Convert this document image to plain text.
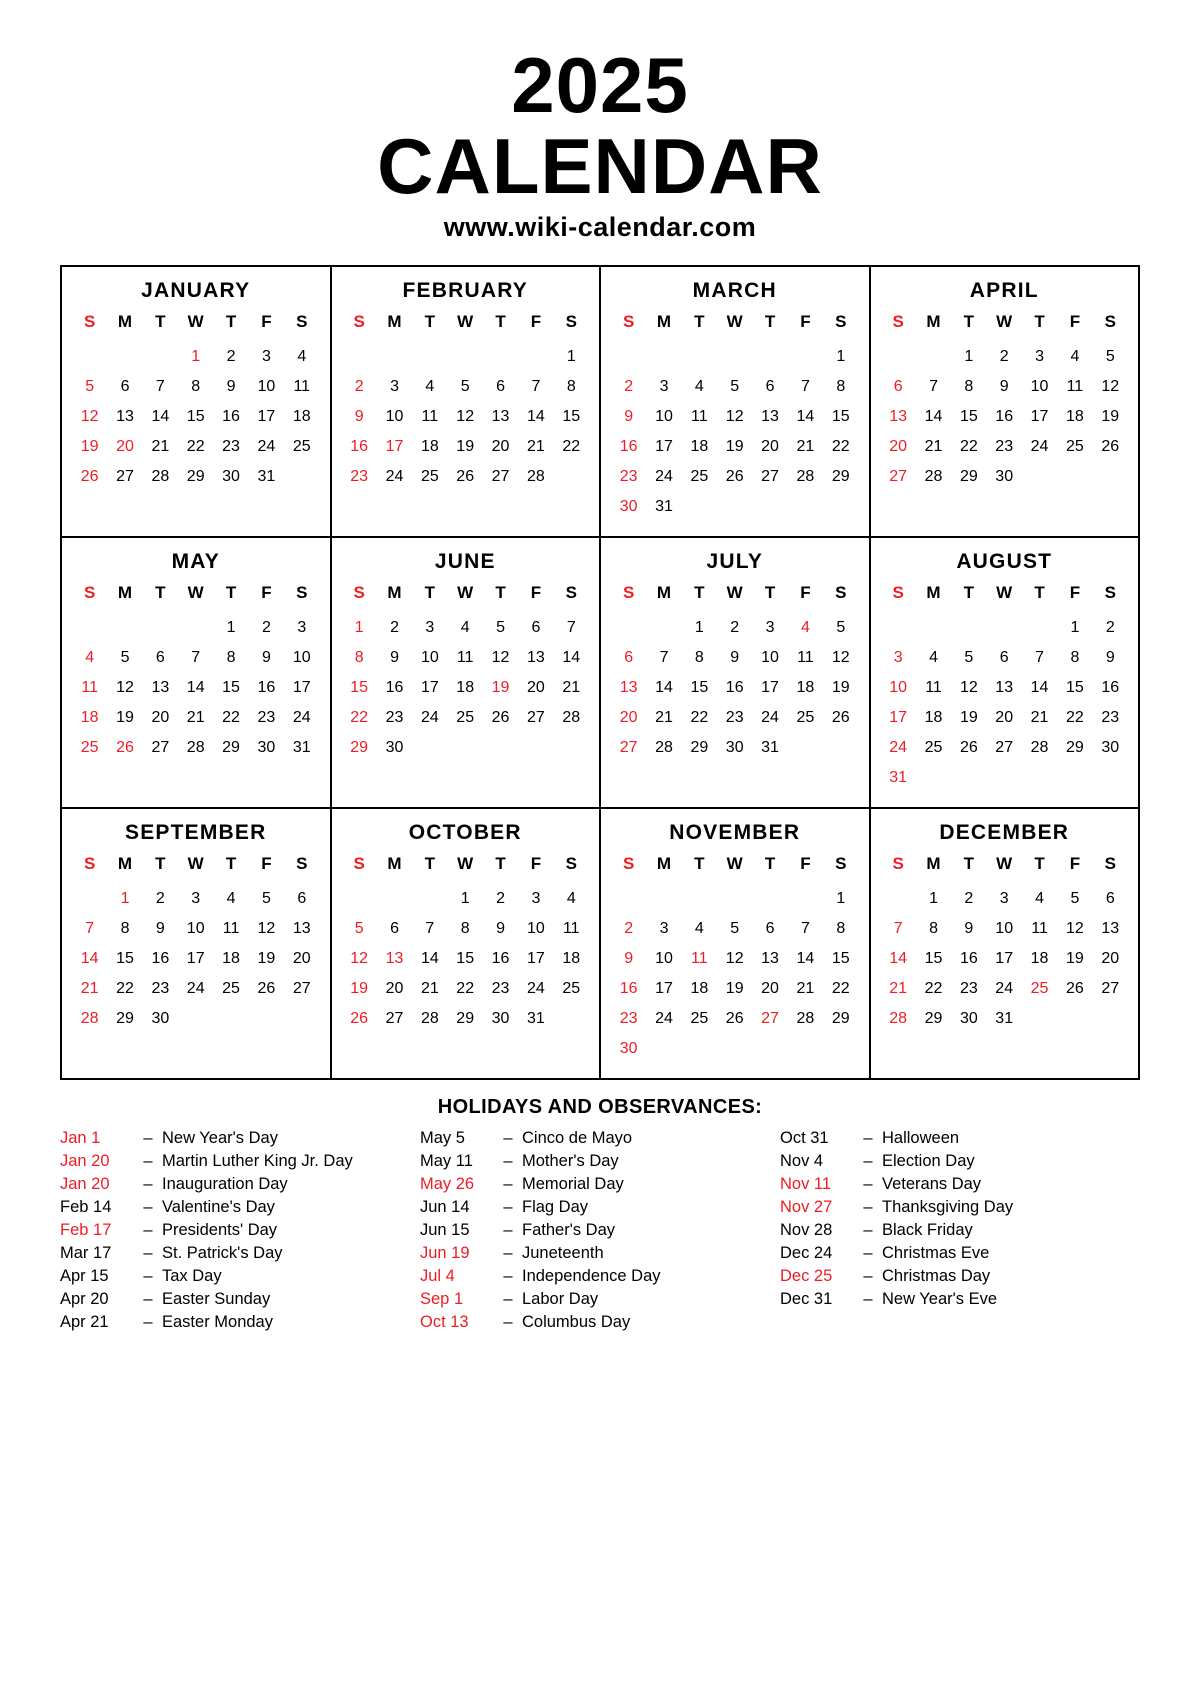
2025
CALENDAR
www.wiki-calendar.com
JANUARY
S	M	T	W	T	F	S
			1	2	3	4
5	6	7	8	9	10	11
12	13	14	15	16	17	18
19	20	21	22	23	24	25
26	27	28	29	30	31	
FEBRUARY
S	M	T	W	T	F	S
						1
2	3	4	5	6	7	8
9	10	11	12	13	14	15
16	17	18	19	20	21	22
23	24	25	26	27	28	
MARCH
S	M	T	W	T	F	S
						1
2	3	4	5	6	7	8
9	10	11	12	13	14	15
16	17	18	19	20	21	22
23	24	25	26	27	28	29
30	31					
APRIL
S	M	T	W	T	F	S
		1	2	3	4	5
6	7	8	9	10	11	12
13	14	15	16	17	18	19
20	21	22	23	24	25	26
27	28	29	30			
MAY
S	M	T	W	T	F	S
				1	2	3
4	5	6	7	8	9	10
11	12	13	14	15	16	17
18	19	20	21	22	23	24
25	26	27	28	29	30	31
JUNE
S	M	T	W	T	F	S
1	2	3	4	5	6	7
8	9	10	11	12	13	14
15	16	17	18	19	20	21
22	23	24	25	26	27	28
29	30					
JULY
S	M	T	W	T	F	S
		1	2	3	4	5
6	7	8	9	10	11	12
13	14	15	16	17	18	19
20	21	22	23	24	25	26
27	28	29	30	31		
AUGUST
S	M	T	W	T	F	S
					1	2
3	4	5	6	7	8	9
10	11	12	13	14	15	16
17	18	19	20	21	22	23
24	25	26	27	28	29	30
31						
SEPTEMBER
S	M	T	W	T	F	S
	1	2	3	4	5	6
7	8	9	10	11	12	13
14	15	16	17	18	19	20
21	22	23	24	25	26	27
28	29	30				
OCTOBER
S	M	T	W	T	F	S
			1	2	3	4
5	6	7	8	9	10	11
12	13	14	15	16	17	18
19	20	21	22	23	24	25
26	27	28	29	30	31	
NOVEMBER
S	M	T	W	T	F	S
						1
2	3	4	5	6	7	8
9	10	11	12	13	14	15
16	17	18	19	20	21	22
23	24	25	26	27	28	29
30						
DECEMBER
S	M	T	W	T	F	S
	1	2	3	4	5	6
7	8	9	10	11	12	13
14	15	16	17	18	19	20
21	22	23	24	25	26	27
28	29	30	31			
HOLIDAYS AND OBSERVANCES:
Jan 1	– New Year's Day
Jan 20	– Martin Luther King Jr. Day
Jan 20	– Inauguration Day
Feb 14	– Valentine's Day
Feb 17	– Presidents' Day
Mar 17	– St. Patrick's Day
Apr 15	– Tax Day
Apr 20	– Easter Sunday
Apr 21	– Easter Monday
May 5	– Cinco de Mayo
May 11	– Mother's Day
May 26	– Memorial Day
Jun 14	– Flag Day
Jun 15	– Father's Day
Jun 19	– Juneteenth
Jul 4	– Independence Day
Sep 1	– Labor Day
Oct 13	– Columbus Day
Oct 31	– Halloween
Nov 4	– Election Day
Nov 11	– Veterans Day
Nov 27	– Thanksgiving Day
Nov 28	– Black Friday
Dec 24	– Christmas Eve
Dec 25	– Christmas Day
Dec 31	– New Year's Eve
